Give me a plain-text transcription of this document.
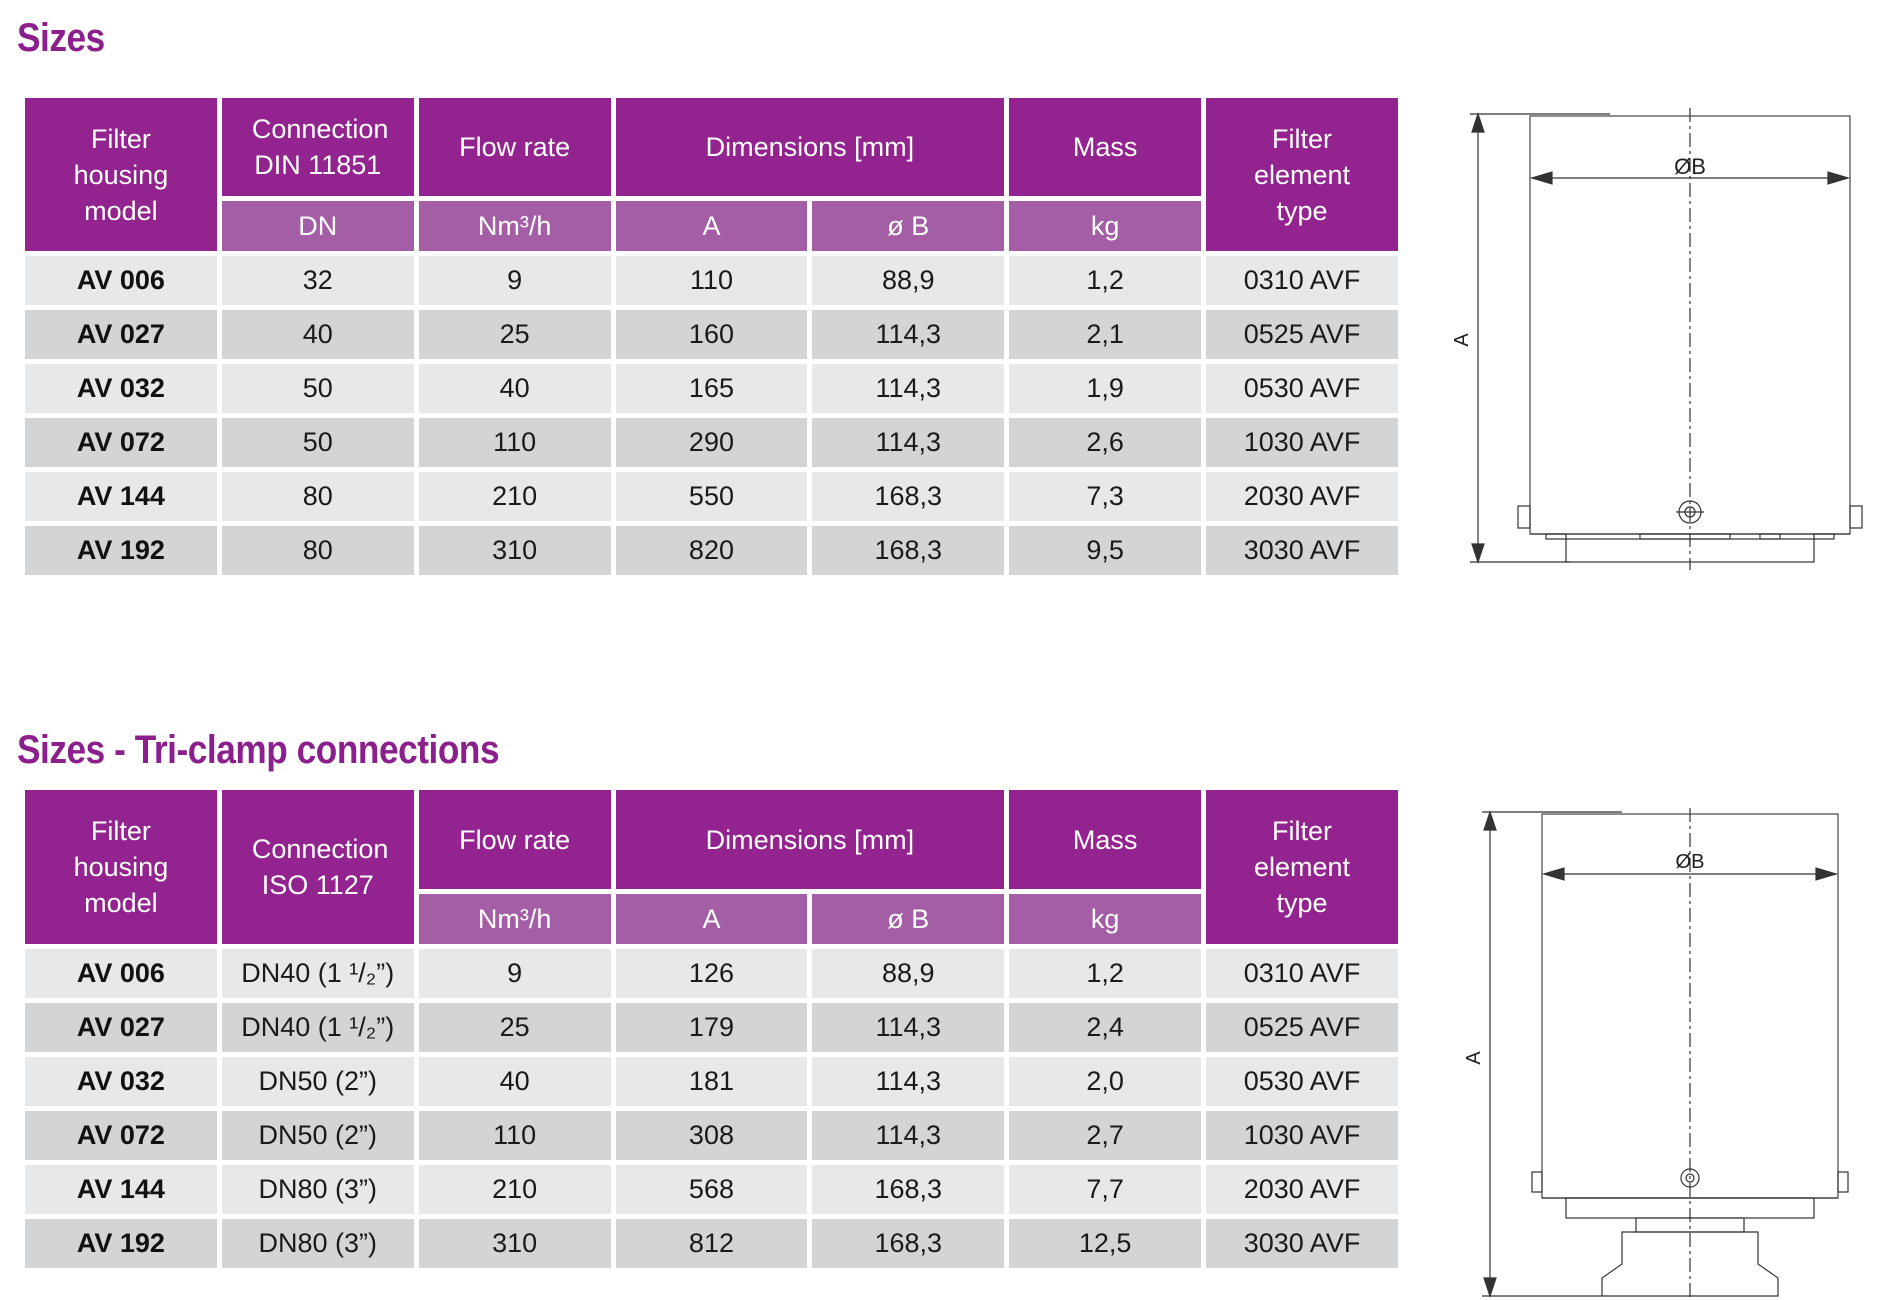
Sizes
Filter housing model	Connection DIN 11851	Flow rate	Dimensions [mm]		Mass	Filter element type
	DN	Nm³/h	A	ø B	kg	
AV 006	32	9	110	88,9	1,2	0310 AVF
AV 027	40	25	160	114,3	2,1	0525 AVF
AV 032	50	40	165	114,3	1,9	0530 AVF
AV 072	50	110	290	114,3	2,6	1030 AVF
AV 144	80	210	550	168,3	7,3	2030 AVF
AV 192	80	310	820	168,3	9,5	3030 AVF
ØB
A
Sizes - Tri-clamp connections
Filter housing model	Connection ISO 1127	Flow rate	Dimensions [mm]		Mass	Filter element type
		Nm³/h	A	ø B	kg	
AV 006	DN40 (1 ¹/₂”)	9	126	88,9	1,2	0310 AVF
AV 027	DN40 (1 ¹/₂”)	25	179	114,3	2,4	0525 AVF
AV 032	DN50 (2”)	40	181	114,3	2,0	0530 AVF
AV 072	DN50 (2”)	110	308	114,3	2,7	1030 AVF
AV 144	DN80 (3”)	210	568	168,3	7,7	2030 AVF
AV 192	DN80 (3”)	310	812	168,3	12,5	3030 AVF
ØB
A
